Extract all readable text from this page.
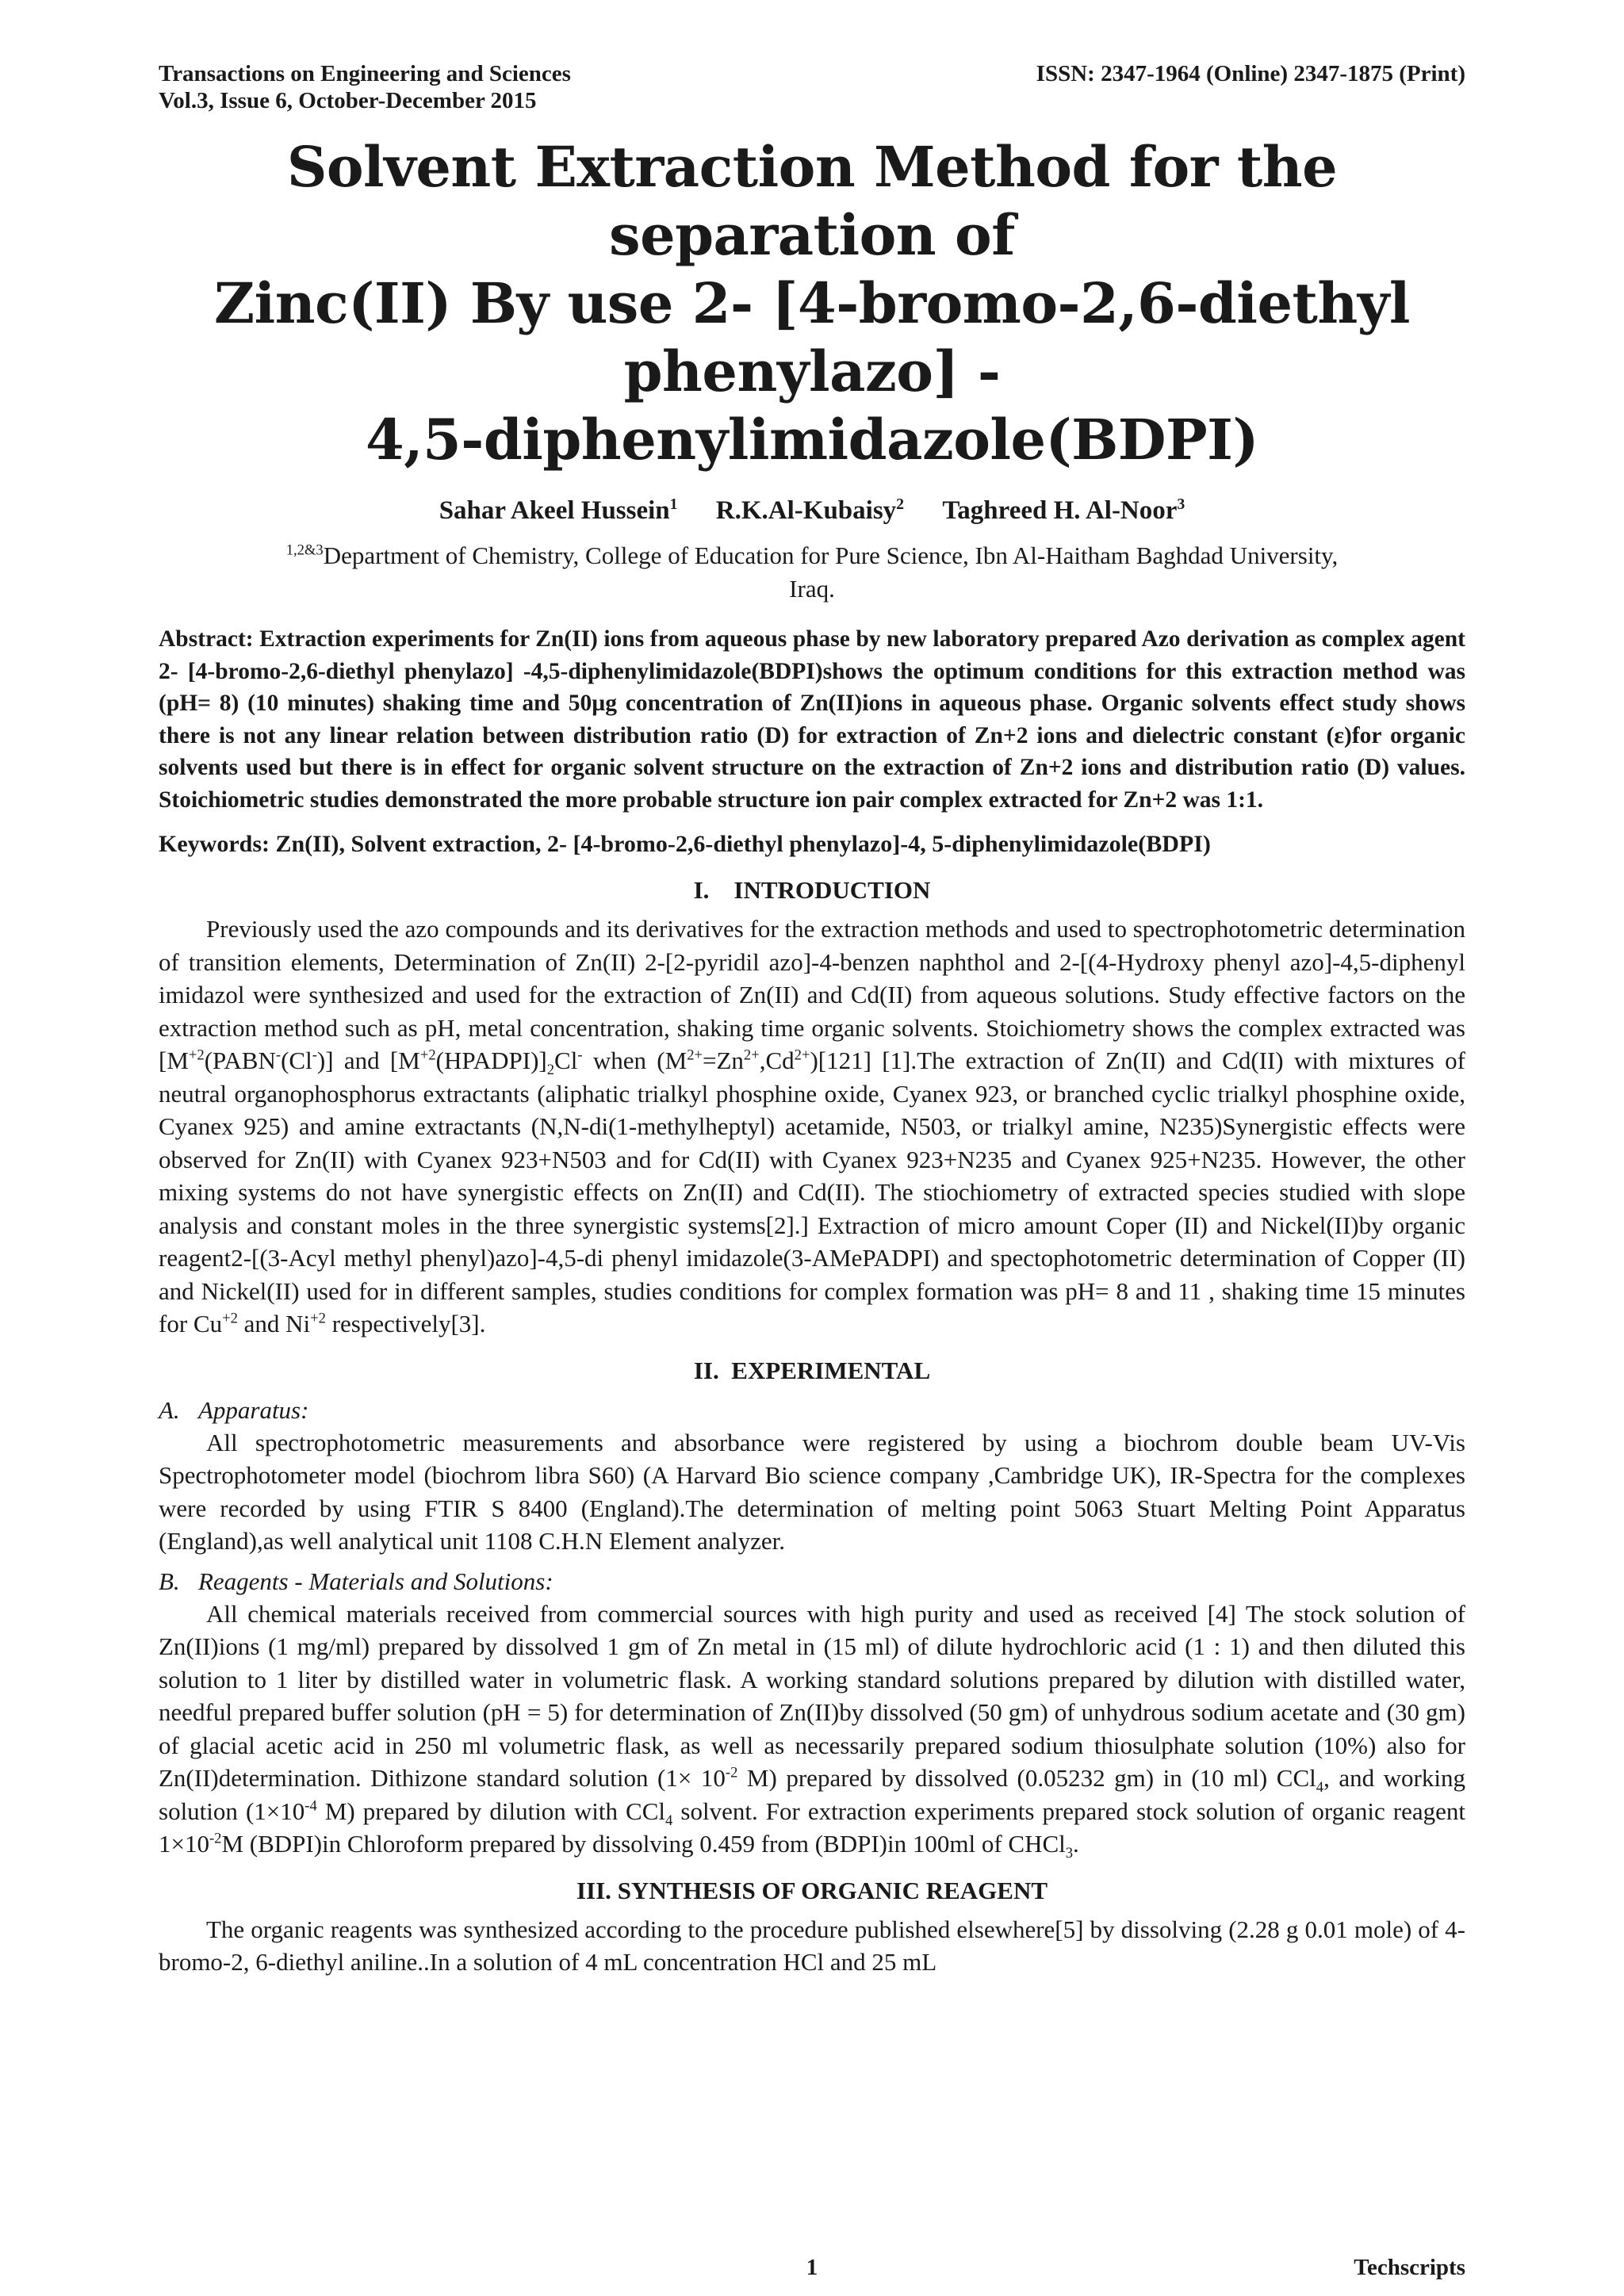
Transactions on Engineering and Sciences
Vol.3, Issue 6, October-December 2015
ISSN: 2347-1964 (Online) 2347-1875 (Print)
Solvent Extraction Method for the separation of
Zinc(II) By use 2- [4-bromo-2,6-diethyl phenylazo] -
4,5-diphenylimidazole(BDPI)
Sahar Akeel Hussein$^1$ R.K.Al-Kubaisy$^2$ Taghreed H. Al-Noor$^3$
$^{1,2\&3}$Department of Chemistry, College of Education for Pure Science, Ibn Al-Haitham Baghdad University,
Iraq.
Abstract: Extraction experiments for Zn(II) ions from aqueous phase by new laboratory prepared Azo derivation as complex agent 2- [4-bromo-2,6-diethyl phenylazo] -4,5-diphenylimidazole(BDPI)shows the optimum conditions for this extraction method was (pH= 8) (10 minutes) shaking time and 50µg concentration of Zn(II)ions in aqueous phase. Organic solvents effect study shows there is not any linear relation between distribution ratio (D) for extraction of Zn+2 ions and dielectric constant (ε)for organic solvents used but there is in effect for organic solvent structure on the extraction of Zn+2 ions and distribution ratio (D) values. Stoichiometric studies demonstrated the more probable structure ion pair complex extracted for Zn+2 was 1:1.
Keywords: Zn(II), Solvent extraction, 2- [4-bromo-2,6-diethyl phenylazo]-4, 5-diphenylimidazole(BDPI)
I. INTRODUCTION

Previously used the azo compounds and its derivatives for the extraction methods and used to spectrophotometric determination of transition elements, Determination of Zn(II) 2-[2-pyridil azo]-4-benzen naphthol and 2-[(4-Hydroxy phenyl azo]-4,5-diphenyl imidazol were synthesized and used for the extraction of Zn(II) and Cd(II) from aqueous solutions. Study effective factors on the extraction method such as pH, metal concentration, shaking time organic solvents. Stoichiometry shows the complex extracted was [$M^{+2}(PABN^-(Cl^-)]$ and $[M^{+2}(HPADPI)]_2Cl^-$ when $(M^{2+}=Zn^{2+},Cd^{2+})[121]$ [1].The extraction of Zn(II) and Cd(II) with mixtures of neutral organophosphorus extractants (aliphatic trialkyl phosphine oxide, Cyanex 923, or branched cyclic trialkyl phosphine oxide, Cyanex 925) and amine extractants (N,N-di(1-methylheptyl) acetamide, N503, or trialkyl amine, N235)Synergistic effects were observed for Zn(II) with Cyanex 923+N503 and for Cd(II) with Cyanex 923+N235 and Cyanex 925+N235. However, the other mixing systems do not have synergistic effects on Zn(II) and Cd(II). The stiochiometry of extracted species studied with slope analysis and constant moles in the three synergistic systems[2].] Extraction of micro amount Coper (II) and Nickel(II)by organic reagent2-[(3-Acyl methyl phenyl)azo]-4,5-di phenyl imidazole(3-AMePADPI) and spectophotometric determination of Copper (II) and Nickel(II) used for in different samples, studies conditions for complex formation was pH= 8 and 11 , shaking time 15 minutes for $Cu^{+2}$ and $Ni^{+2}$ respectively[3].

II. EXPERIMENTAL
A. Apparatus:

All spectrophotometric measurements and absorbance were registered by using a biochrom double beam UV-Vis Spectrophotometer model (biochrom libra S60) (A Harvard Bio science company ,Cambridge UK), IR-Spectra for the complexes were recorded by using FTIR S 8400 (England).The determination of melting point 5063 Stuart Melting Point Apparatus (England),as well analytical unit 1108 C.H.N Element analyzer.

B. Reagents - Materials and Solutions:

All chemical materials received from commercial sources with high purity and used as received [4] The stock solution of Zn(II)ions (1 mg/ml) prepared by dissolved 1 gm of Zn metal in (15 ml) of dilute hydrochloric acid (1 : 1) and then diluted this solution to 1 liter by distilled water in volumetric flask. A working standard solutions prepared by dilution with distilled water, needful prepared buffer solution (pH = 5) for determination of Zn(II)by dissolved (50 gm) of unhydrous sodium acetate and (30 gm) of glacial acetic acid in 250 ml volumetric flask, as well as necessarily prepared sodium thiosulphate solution (10%) also for Zn(II)determination. Dithizone standard solution ($1\times 10^{-2}$ M) prepared by dissolved (0.05232 gm) in (10 ml) CCl$_4$, and working solution ($1\times 10^{-4}$ M) prepared by dilution with CCl$_4$ solvent. For extraction experiments prepared stock solution of organic reagent $1\times 10^{-2}M$ (BDPI)in Chloroform prepared by dissolving 0.459 from (BDPI)in 100ml of CHCl$_3$.

III. SYNTHESIS OF ORGANIC REAGENT

The organic reagents was synthesized according to the procedure published elsewhere[5] by dissolving (2.28 g 0.01 mole) of 4-bromo-2, 6-diethyl aniline..In a solution of 4 mL concentration HCl and 25 mL

1	Techscripts
